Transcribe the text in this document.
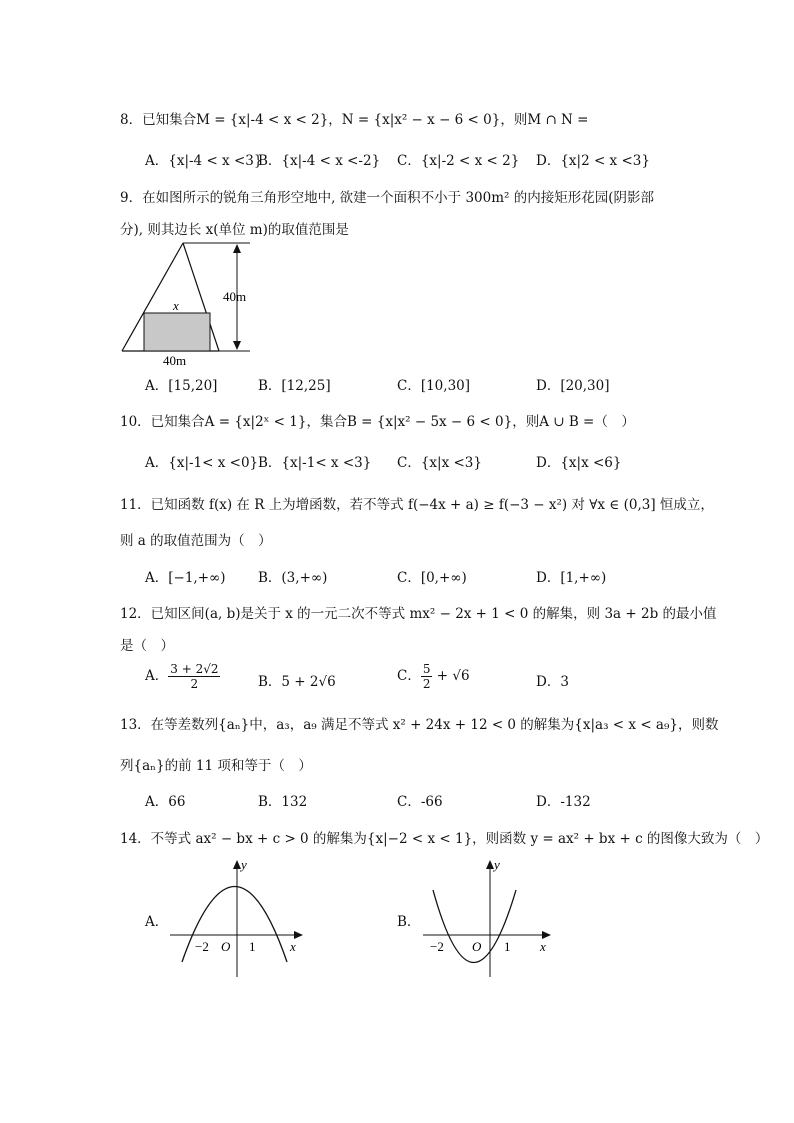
8．已知集合M = {x|-4 < x < 2}，N = {x|x² − x − 6 < 0}，则M ∩ N =
A．{x|-4 < x <3}
B．{x|-4 < x <-2} C．{x|-2 < x < 2} D．{x|2 < x <3}
9．在如图所示的锐角三角形空地中, 欲建一个面积不小于 300m² 的内接矩形花园(阴影部
分), 则其边长 x(单位 m)的取值范围是
x
40m
40m
A．[15,20]	B．[12,25]	C．[10,30]	D．[20,30]
10．已知集合A = {x|2ˣ < 1}，集合B = {x|x² − 5x − 6 < 0}，则A ∪ B =（　）
A．{x|-1< x <0} B．{x|-1< x <3} C．{x|x <3}	D．{x|x <6}
11．已知函数 f(x) 在 R 上为增函数，若不等式 f(−4x + a) ≥ f(−3 − x²) 对 ∀x ∈ (0,3] 恒成立，
则 a 的取值范围为（　）
A．[−1,+∞) B．(3,+∞)	C．[0,+∞)	D．[1,+∞)
12．已知区间(a, b)是关于 x 的一元二次不等式 mx² − 2x + 1 < 0 的解集，则 3a + 2b 的最小值
是（　）
A． $\frac{3 + 2√2}{2}$	B．5 + 2√6	C． $\frac{5}{2} + √6$	D．3
13．在等差数列{aₙ}中，a₃，a₉ 满足不等式 x² + 24x + 12 < 0 的解集为{x|a₃ < x < a₉}，则数
列{aₙ}的前 11 项和等于（　）
A．66	B．132	C．-66	D．-132
14．不等式 ax² − bx + c > 0 的解集为{x|−2 < x < 1}，则函数 y = ax² + bx + c 的图像大致为（　）
A．
y
x
O
−2	1
B．
y
x
O
−2	1
